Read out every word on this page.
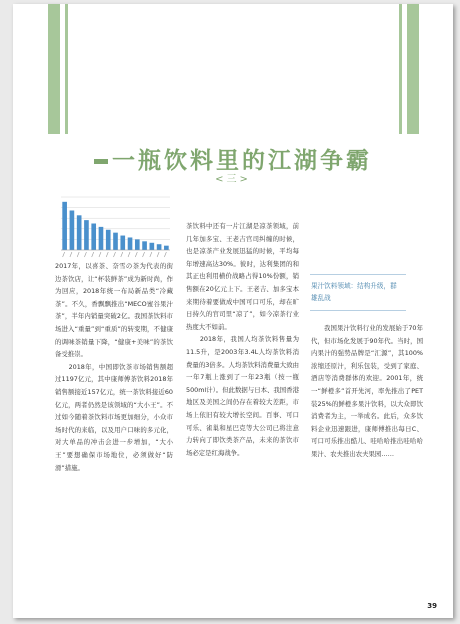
一瓶饮料里的江湖争霸
<三>
2017年，以喜茶、奈雪の茶为代表的街边茶饮店，让“杯装鲜茶”成为新时尚，作为回应，2018年统一布局新品类“冷藏茶”。不久，香飘飘推出“MECO蜜谷果汁茶”，半年内销量突破2亿。我国茶饮料市场进入“重量”到“重质”的转变期，不健康的调味茶销量下降，“健康+美味”的茶饮备受推崇。
　　2018年，中国即饮茶市场销售额超过1197亿元，其中康师傅茶饮料2018年销售额接近157亿元，统一茶饮料接近60亿元，两者仍然是该领域的“大小王”。不过如今随着茶饮料市场更加细分，小众市场时代的来临，以及用户口味的多元化，对大单品的冲击会进一步增加，“大小王”要想确保市场地位，必须做好“防滑”措施。
茶饮料中还有一片江湖是凉茶领域，前几年加多宝、王老吉官司纠缠的时候，也是凉茶产业发展迅猛的时候，平均每年增速高达30%。彼时，达利集团的和其正也利用横价战略占得10%份额，销售额在20亿元上下。王老吉、加多宝本来期待着要做成中国可口可乐，却在旷日持久的官司里“凉了”，如今凉茶行业热度大不如前。
　　2018年，我国人均茶饮料售量为11.5升，是2003年3.4L人均茶饮料消费量的3倍多。人均茶饮料消费量大致由一年7瓶上涨到了一年23瓶（按一瓶500ml计）。但此数据与日本、我国香港地区及美国之间仍存在着较大差距，市场上依旧有较大增长空间。百事、可口可乐、雀巢和星巴克等大公司已将注意力转向了即饮类茶产品，未来的茶饮市场必定是红海战争。
果汁饮料领域：结构升级，群雄乱战
　　我国果汁饮料行业的发展始于70年代，但市场化发展于90年代。当时，国内果汁的强势品牌是“汇源”，其100%浓缩还原汁，利乐包装，受到了家庭、酒店等消费群体的欢迎。2001年，统一“鲜橙多”首开先河，率先推出了PET装25%的鲜橙多果汁饮料，以大众即饮消费者为主，一举成名。此后，众多饮料企业迅速跟进，康师傅推出每日C、可口可乐推出酷儿、哇哈哈推出哇哈哈果汁、农夫推出农夫果园……
39
